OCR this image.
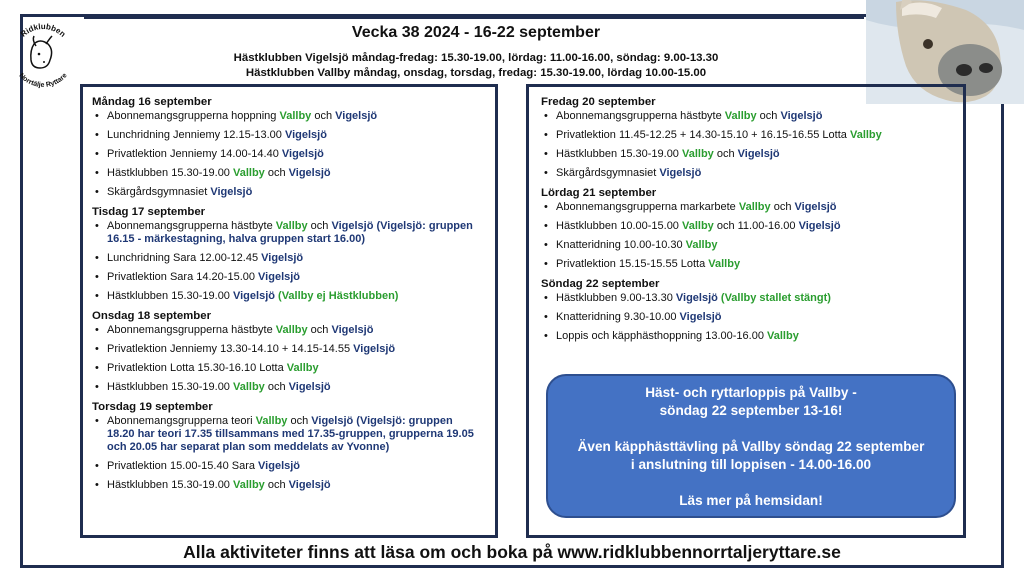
Ridklubben
Norrtälje Ryttare
Vecka 38 2024 - 16-22 september
Hästklubben Vigelsjö måndag-fredag: 15.30-19.00, lördag: 11.00-16.00, söndag: 9.00-13.30
Hästklubben Vallby måndag, onsdag, torsdag, fredag: 15.30-19.00, lördag 10.00-15.00
Måndag 16 september
• Abonnemangsgrupperna hoppning Vallby och Vigelsjö
• Lunchridning Jenniemy 12.15-13.00 Vigelsjö
• Privatlektion Jenniemy 14.00-14.40 Vigelsjö
• Hästklubben 15.30-19.00 Vallby och Vigelsjö
• Skärgårdsgymnasiet Vigelsjö
Tisdag 17 september
• Abonnemangsgrupperna hästbyte Vallby och Vigelsjö (Vigelsjö: gruppen 16.15 - märkestagning, halva gruppen start 16.00)
• Lunchridning Sara 12.00-12.45 Vigelsjö
• Privatlektion Sara 14.20-15.00 Vigelsjö
• Hästklubben 15.30-19.00 Vigelsjö (Vallby ej Hästklubben)
Onsdag 18 september
• Abonnemangsgrupperna hästbyte Vallby och Vigelsjö
• Privatlektion Jenniemy 13.30-14.10 + 14.15-14.55 Vigelsjö
• Privatlektion Lotta 15.30-16.10 Lotta Vallby
• Hästklubben 15.30-19.00 Vallby och Vigelsjö
Torsdag 19 september
• Abonnemangsgrupperna teori Vallby och Vigelsjö (Vigelsjö: gruppen 18.20 har teori 17.35 tillsammans med 17.35-gruppen, grupperna 19.05 och 20.05 har separat plan som meddelats av Yvonne)
• Privatlektion 15.00-15.40 Sara Vigelsjö
• Hästklubben 15.30-19.00 Vallby och Vigelsjö
Fredag 20 september
• Abonnemangsgrupperna hästbyte Vallby och Vigelsjö
• Privatlektion 11.45-12.25 + 14.30-15.10 + 16.15-16.55 Lotta Vallby
• Hästklubben 15.30-19.00 Vallby och Vigelsjö
• Skärgårdsgymnasiet Vigelsjö
Lördag 21 september
• Abonnemangsgrupperna markarbete Vallby och Vigelsjö
• Hästklubben 10.00-15.00 Vallby och 11.00-16.00 Vigelsjö
• Knatteridning 10.00-10.30 Vallby
• Privatlektion 15.15-15.55 Lotta Vallby
Söndag 22 september
• Hästklubben 9.00-13.30 Vigelsjö (Vallby stallet stängt)
• Knatteridning 9.30-10.00 Vigelsjö
• Loppis och käpphästhoppning 13.00-16.00 Vallby

Häst- och ryttarloppis på Vallby -

söndag 22 september 13-16!

Även käpphästtävling på Vallby söndag 22 september

i anslutning till loppisen - 14.00-16.00

Läs mer på hemsidan!

Alla aktiviteter finns att läsa om och boka på www.ridklubbennorrtaljeryttare.se
